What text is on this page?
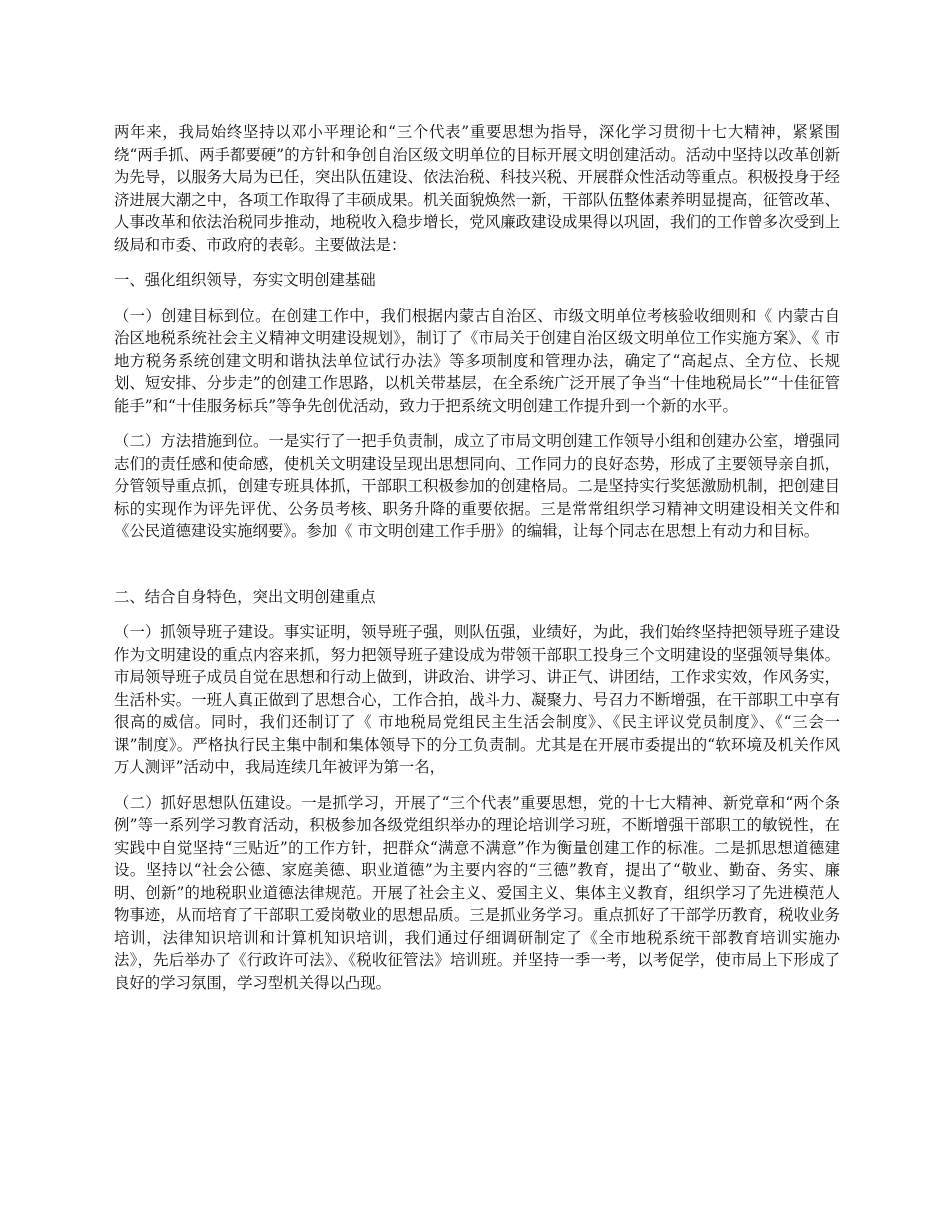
两年来，我局始终坚持以邓小平理论和“三个代表”重要思想为指导，深化学习贯彻十七大精神，紧紧围绕“两手抓、两手都要硬”的方针和争创自治区级文明单位的目标开展文明创建活动。活动中坚持以改革创新为先导，以服务大局为已任，突出队伍建设、依法治税、科技兴税、开展群众性活动等重点。积极投身于经济进展大潮之中，各项工作取得了丰硕成果。机关面貌焕然一新，干部队伍整体素养明显提高，征管改革、人事改革和依法治税同步推动，地税收入稳步增长，党风廉政建设成果得以巩固，我们的工作曾多次受到上级局和市委、市政府的表彰。主要做法是：

一、强化组织领导，夯实文明创建基础

（一）创建目标到位。在创建工作中，我们根据内蒙古自治区、市级文明单位考核验收细则和《 内蒙古自治区地税系统社会主义精神文明建设规划》，制订了《市局关于创建自治区级文明单位工作实施方案》、《 市地方税务系统创建文明和谐执法单位试行办法》等多项制度和管理办法，确定了“高起点、全方位、长规划、短安排、分步走”的创建工作思路，以机关带基层，在全系统广泛开展了争当“十佳地税局长”“十佳征管能手”和“十佳服务标兵”等争先创优活动，致力于把系统文明创建工作提升到一个新的水平。

（二）方法措施到位。一是实行了一把手负责制，成立了市局文明创建工作领导小组和创建办公室，增强同志们的责任感和使命感，使机关文明建设呈现出思想同向、工作同力的良好态势，形成了主要领导亲自抓，分管领导重点抓，创建专班具体抓，干部职工积极参加的创建格局。二是坚持实行奖惩激励机制，把创建目标的实现作为评先评优、公务员考核、职务升降的重要依据。三是常常组织学习精神文明建设相关文件和《公民道德建设实施纲要》。参加《 市文明创建工作手册》的编辑，让每个同志在思想上有动力和目标。

二、结合自身特色，突出文明创建重点

（一）抓领导班子建设。事实证明，领导班子强，则队伍强，业绩好，为此，我们始终坚持把领导班子建设作为文明建设的重点内容来抓，努力把领导班子建设成为带领干部职工投身三个文明建设的坚强领导集体。市局领导班子成员自觉在思想和行动上做到，讲政治、讲学习、讲正气、讲团结，工作求实效，作风务实，生活朴实。一班人真正做到了思想合心，工作合拍，战斗力、凝聚力、号召力不断增强，在干部职工中享有很高的威信。同时，我们还制订了《 市地税局党组民主生活会制度》、《民主评议党员制度》、《“三会一课”制度》。严格执行民主集中制和集体领导下的分工负责制。尤其是在开展市委提出的“软环境及机关作风万人测评”活动中，我局连续几年被评为第一名，

（二）抓好思想队伍建设。一是抓学习，开展了“三个代表”重要思想，党的十七大精神、新党章和“两个条例”等一系列学习教育活动，积极参加各级党组织举办的理论培训学习班，不断增强干部职工的敏锐性，在实践中自觉坚持“三贴近”的工作方针，把群众“满意不满意”作为衡量创建工作的标准。二是抓思想道德建设。坚持以“社会公德、家庭美德、职业道德”为主要内容的“三德”教育，提出了“敬业、勤奋、务实、廉明、创新”的地税职业道德法律规范。开展了社会主义、爱国主义、集体主义教育，组织学习了先进模范人物事迹，从而培育了干部职工爱岗敬业的思想品质。三是抓业务学习。重点抓好了干部学历教育，税收业务培训，法律知识培训和计算机知识培训，我们通过仔细调研制定了《全市地税系统干部教育培训实施办法》，先后举办了《行政许可法》、《税收征管法》培训班。并坚持一季一考，以考促学，使市局上下形成了良好的学习氛围，学习型机关得以凸现。
